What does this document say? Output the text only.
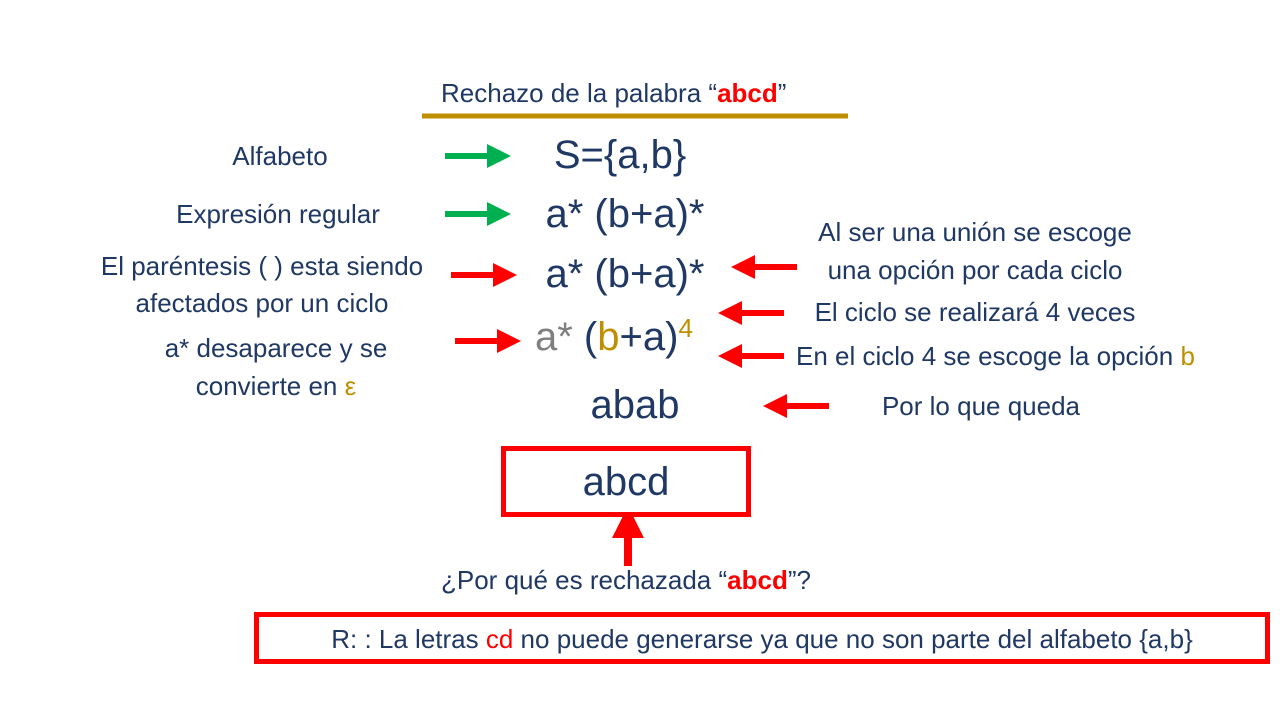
Rechazo de la palabra “abcd”
Alfabeto
Expresión regular
El paréntesis ( ) esta siendo
afectados por un ciclo
a* desaparece y se
convierte en ε
S={a,b}
a* (b+a)*
a* (b+a)*
a* $(b+a)^4$
abab
Al ser una unión se escoge
una opción por cada ciclo
El ciclo se realizará 4 veces
En el ciclo 4 se escoge la opción b
Por lo que queda
abcd
¿Por qué es rechazada “abcd”?
R: : La letras cd no puede generarse ya que no son parte del alfabeto {a,b}
